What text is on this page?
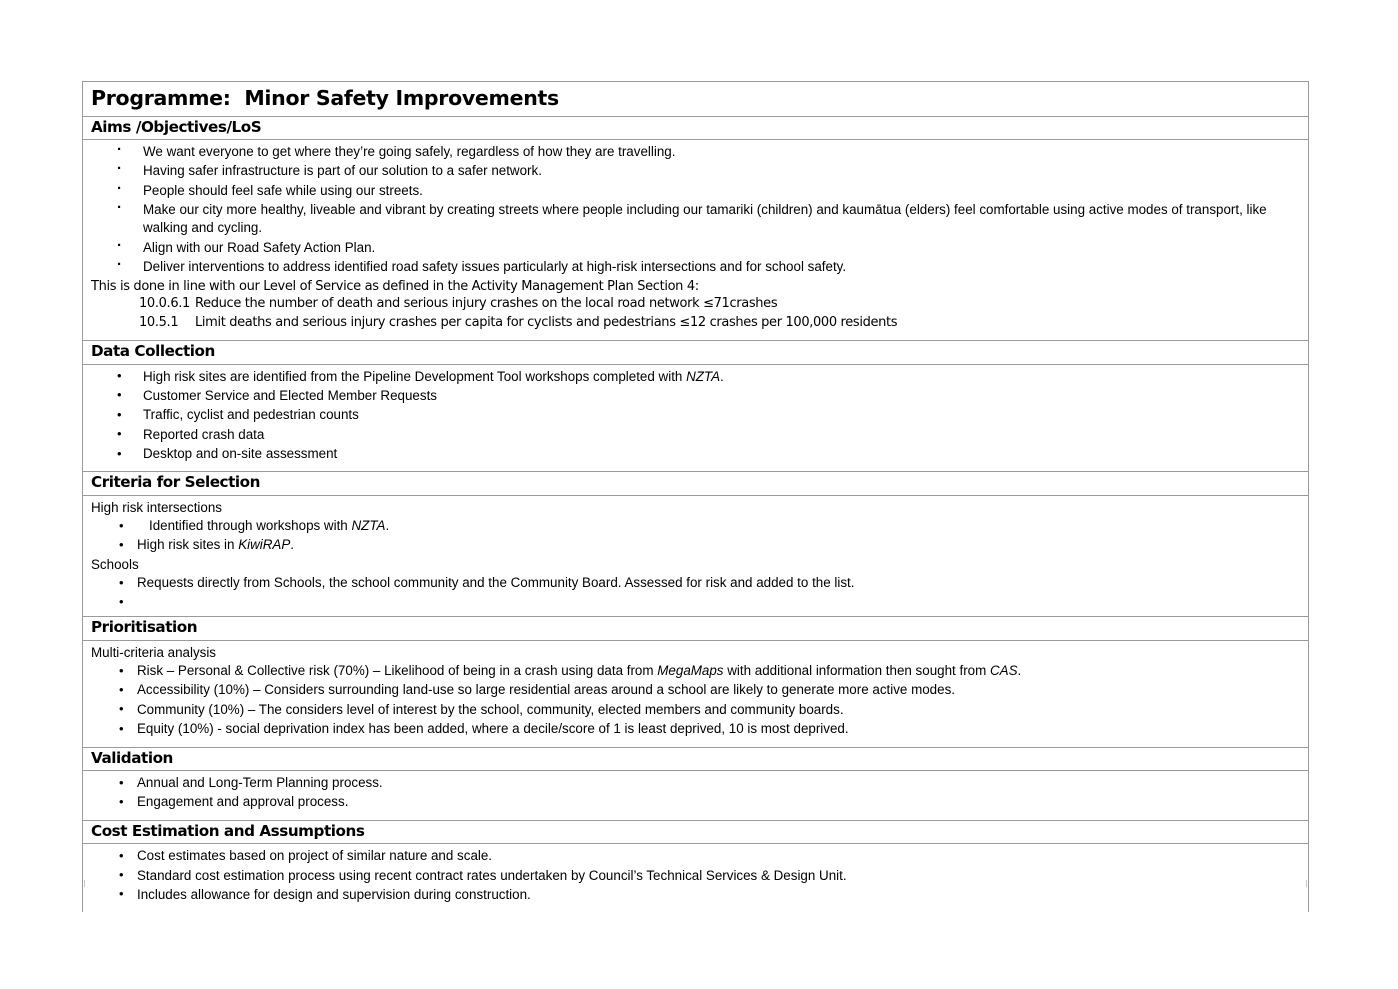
Programme:  Minor Safety Improvements
Aims /Objectives/LoS
· We want everyone to get where they’re going safely, regardless of how they are travelling.
· Having safer infrastructure is part of our solution to a safer network.
· People should feel safe while using our streets.
· Make our city more healthy, liveable and vibrant by creating streets where people including our tamariki (children) and kaumātua (elders) feel comfortable using active modes of transport, like walking and cycling.
· Align with our Road Safety Action Plan.
· Deliver interventions to address identified road safety issues particularly at high-risk intersections and for school safety.
This is done in line with our Level of Service as defined in the Activity Management Plan Section 4:
10.0.6.1 Reduce the number of death and serious injury crashes on the local road network ≤71crashes
10.5.1	Limit deaths and serious injury crashes per capita for cyclists and pedestrians ≤12 crashes per 100,000 residents
Data Collection
• High risk sites are identified from the Pipeline Development Tool workshops completed with NZTA.
• Customer Service and Elected Member Requests
• Traffic, cyclist and pedestrian counts
• Reported crash data
• Desktop and on-site assessment
Criteria for Selection
High risk intersections
• Identified through workshops with NZTA.
• High risk sites in KiwiRAP.
Schools
• Requests directly from Schools, the school community and the Community Board. Assessed for risk and added to the list.
•
Prioritisation
Multi-criteria analysis
• Risk – Personal & Collective risk (70%) – Likelihood of being in a crash using data from MegaMaps with additional information then sought from CAS.
• Accessibility (10%) – Considers surrounding land-use so large residential areas around a school are likely to generate more active modes.
• Community (10%) – The considers level of interest by the school, community, elected members and community boards.
• Equity (10%) - social deprivation index has been added, where a decile/score of 1 is least deprived, 10 is most deprived.
Validation
• Annual and Long-Term Planning process.
• Engagement and approval process.
Cost Estimation and Assumptions
• Cost estimates based on project of similar nature and scale.
• Standard cost estimation process using recent contract rates undertaken by Council’s Technical Services & Design Unit.
• Includes allowance for design and supervision during construction.
